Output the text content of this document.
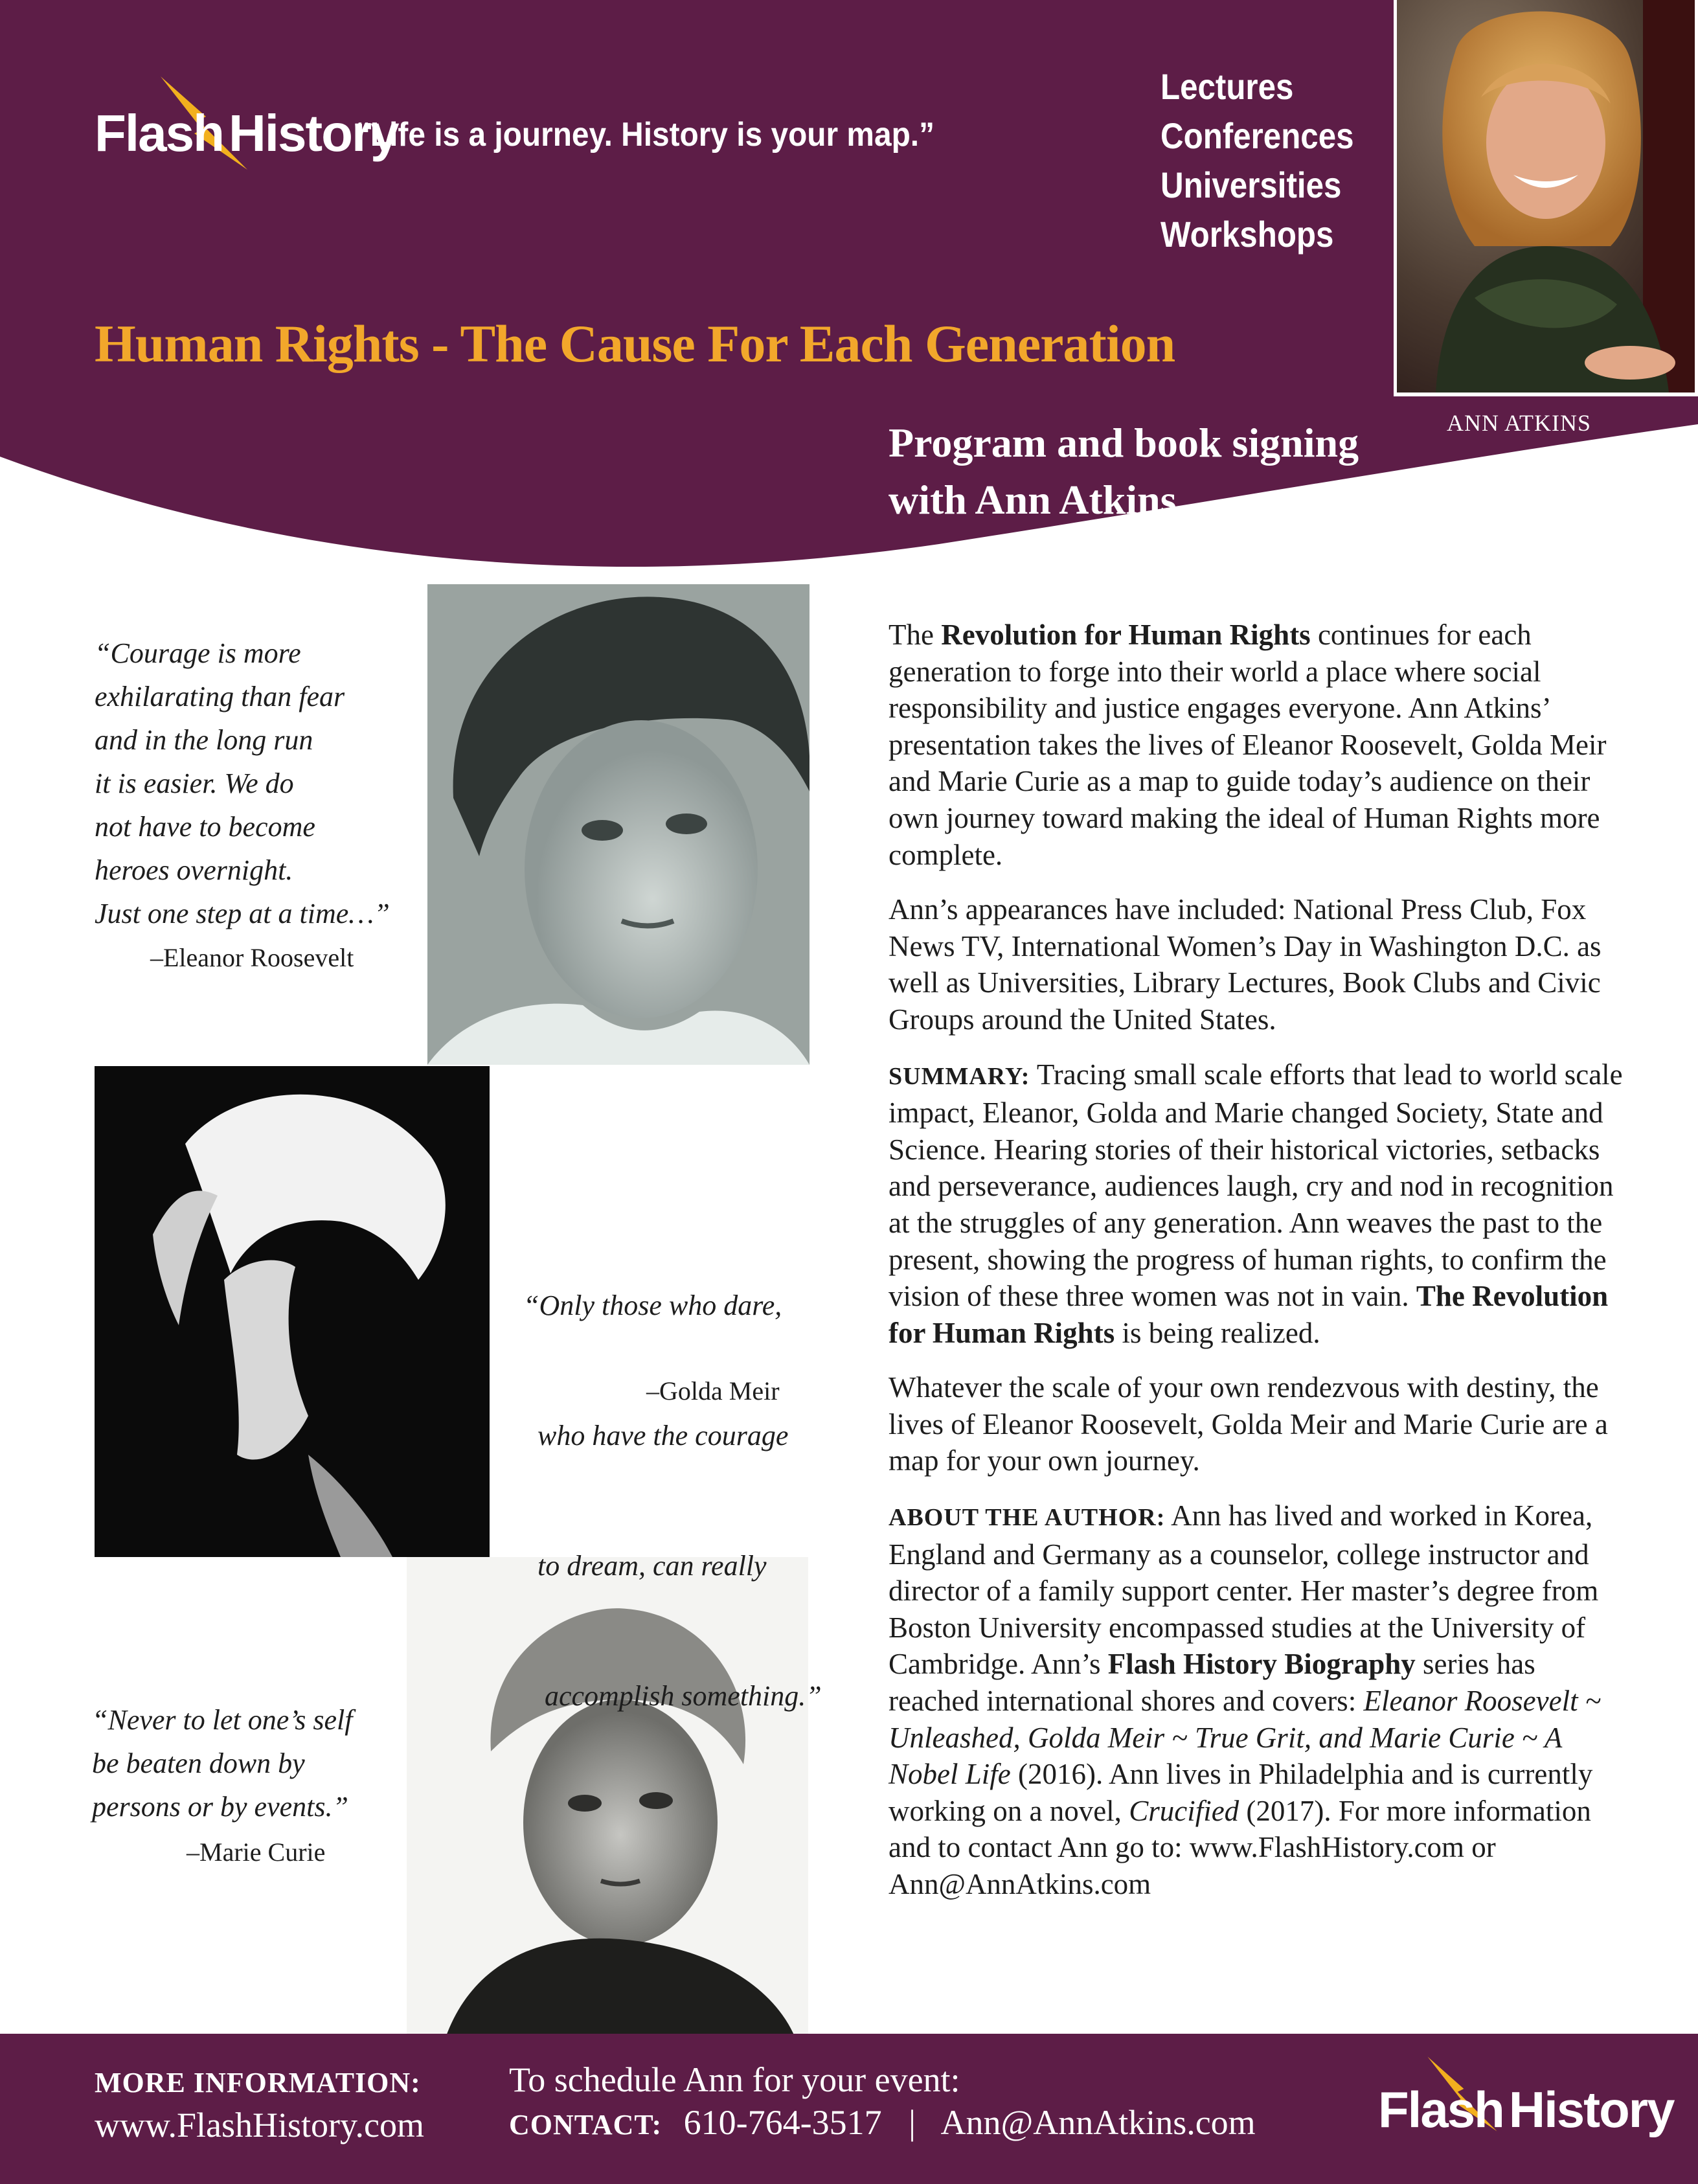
Flash History
“Life is a journey. History is your map.”
Lectures
Conferences
Universities
Workshops
Human Rights - The Cause For Each Generation
Program and book signing
with Ann Atkins
ANN ATKINS
“Courage is more
exhilarating than fear
and in the long run
it is easier. We do
not have to become
heroes overnight.
Just one step at a time…”
–Eleanor Roosevelt

“Only those who dare,

who have the courage

to dream, can really

accomplish something.”

–Golda Meir
“Never to let one’s self
be beaten down by
persons or by events.”
–Marie Curie

The Revolution for Human Rights continues for each generation to forge into their world a place where social responsibility and justice engages everyone. Ann Atkins’ presentation takes the lives of Eleanor Roosevelt, Golda Meir and Marie Curie as a map to guide today’s audience on their own journey toward making the ideal of Human Rights more complete.

Ann’s appearances have included: National Press Club, Fox News TV, International Women’s Day in Washington D.C. as well as Universities, Library Lectures, Book Clubs and Civic Groups around the United States.

SUMMARY: Tracing small scale efforts that lead to world scale impact, Eleanor, Golda and Marie changed Society, State and Science. Hearing stories of their historical victories, setbacks and perseverance, audiences laugh, cry and nod in recognition at the struggles of any generation. Ann weaves the past to the present, showing the progress of human rights, to confirm the vision of these three women was not in vain. The Revolution for Human Rights is being realized.

Whatever the scale of your own rendezvous with destiny, the lives of Eleanor Roosevelt, Golda Meir and Marie Curie are a map for your own journey.

ABOUT THE AUTHOR: Ann has lived and worked in Korea, England and Germany as a counselor, college instructor and director of a family support center. Her master’s degree from Boston University encompassed studies at the University of Cambridge. Ann’s Flash History Biography series has reached international shores and covers: Eleanor Roosevelt ~ Unleashed, Golda Meir ~ True Grit, and Marie Curie ~ A Nobel Life (2016). Ann lives in Philadelphia and is currently working on a novel, Crucified (2017). For more information and to contact Ann go to: www.FlashHistory.com or Ann@AnnAtkins.com

MORE INFORMATION:
www.FlashHistory.com
To schedule Ann for your event:
CONTACT: 610-764-3517 | Ann@AnnAtkins.com Flash History
